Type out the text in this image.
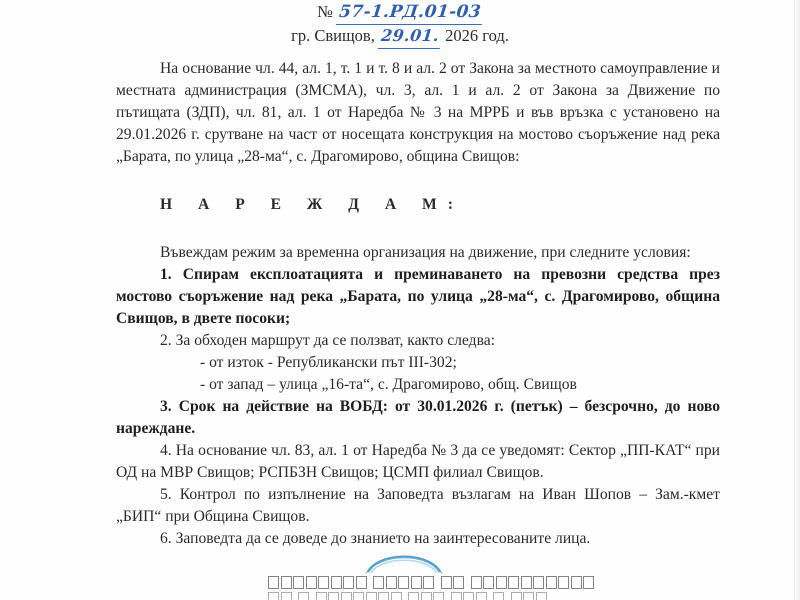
№ 57-1.РД.01-03
гр. Свищов, 29.01. 2026 год.

На основание чл. 44, ал. 1, т. 1 и т. 8 и ал. 2 от Закона за местното самоуправление и местната администрация (ЗМСМА), чл. 3, ал. 1 и ал. 2 от Закона за Движение по пътищата (ЗДП), чл. 81, ал. 1 от Наредба № 3 на МРРБ и във връзка с установено на 29.01.2026 г. срутване на част от носещата конструкция на мостово съоръжение над река „Барата, по улица „28-ма“, с. Драгомирово, община Свищов:

Н А Р Е Ж Д А М:

Въвеждам режим за временна организация на движение, при следните условия:

1. Спирам експлоатацията и преминаването на превозни средства през мостово съоръжение над река „Барата, по улица „28-ма“, с. Драгомирово, община Свищов, в двете посоки;

2. За обходен маршрут да се ползват, както следва:

- от изток - Републикански път III-302;

- от запад – улица „16-та“, с. Драгомирово, общ. Свищов

3. Срок на действие на ВОБД: от 30.01.2026 г. (петък) – безсрочно, до ново нареждане.

4. На основание чл. 83, ал. 1 от Наредба № 3 да се уведомят: Сектор „ПП-КАТ“ при ОД на МВР Свищов; РСПБЗН Свищов; ЦСМП филиал Свищов.

5. Контрол по изпълнение на Заповедта възлагам на Иван Шопов – Зам.-кмет „БИП“ при Община Свищов.

6. Заповедта да се доведе до знанието на заинтересованите лица.
